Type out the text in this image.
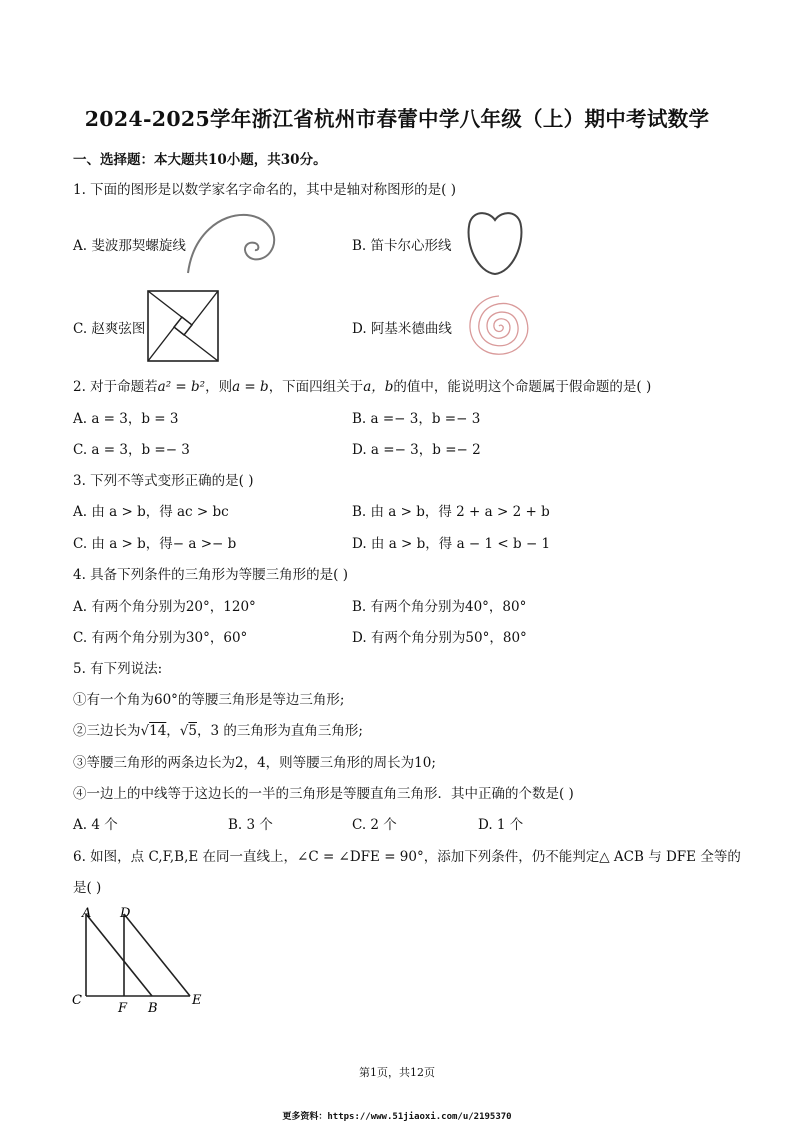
2024-2025学年浙江省杭州市春蕾中学八年级（上）期中考试数学
一、选择题：本大题共10小题，共30分。
1. 下面的图形是以数学家名字命名的，其中是轴对称图形的是( )
A. 斐波那契螺旋线	B. 笛卡尔心形线
C. 赵爽弦图	D. 阿基米德曲线
2. 对于命题若a² = b²，则a = b，下面四组关于a，b的值中，能说明这个命题属于假命题的是( )
A. a = 3，b = 3	B. a =− 3，b =− 3
C. a = 3，b =− 3	D. a =− 3，b =− 2
3. 下列不等式变形正确的是( )
A. 由 a > b，得 ac > bc	B. 由 a > b，得 2 + a > 2 + b
C. 由 a > b，得− a >− b	D. 由 a > b，得 a − 1 < b − 1
4. 具备下列条件的三角形为等腰三角形的是( )
A. 有两个角分别为20°，120°	B. 有两个角分别为40°，80°
C. 有两个角分别为30°，60°	D. 有两个角分别为50°，80°
5. 有下列说法:
①有一个角为60°的等腰三角形是等边三角形;
②三边长为√14，√5，3 的三角形为直角三角形;
③等腰三角形的两条边长为2，4，则等腰三角形的周长为10;
④一边上的中线等于这边长的一半的三角形是等腰直角三角形．其中正确的个数是( )
A. 4 个	B. 3 个	C. 2 个	D. 1 个
6. 如图，点 C,F,B,E 在同一直线上，∠C = ∠DFE = 90°，添加下列条件，仍不能判定△ ACB 与 DFE 全等的
是( )
A D
C
F B
E
第1页，共12页
更多资料：https://www.51jiaoxi.com/u/2195370
